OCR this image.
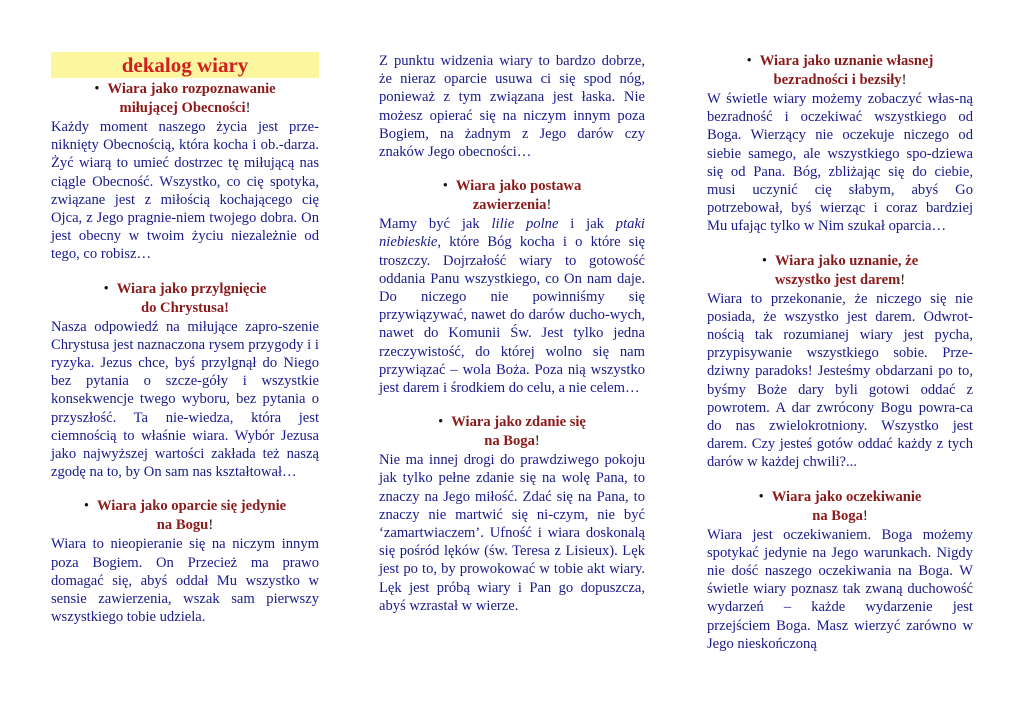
dekalog wiary
• Wiara jako rozpoznawanie
miłującej Obecności!
Każdy moment naszego życia jest prze-niknięty Obecnością, która kocha i ob.-darza. Żyć wiarą to umieć dostrzec tę miłującą nas ciągle Obecność. Wszystko, co cię spotyka, związane jest z miłością kochającego cię Ojca, z Jego pragnie-niem twojego dobra. On jest obecny w twoim życiu niezależnie od tego, co robisz…
• Wiara jako przylgnięcie
do Chrystusa!
Nasza odpowiedź na miłujące zapro-szenie Chrystusa jest naznaczona rysem przygody i i ryzyka. Jezus chce, byś przylgnął do Niego bez pytania o szcze-góły i wszystkie konsekwencje twego wyboru, bez pytania o przyszłość. Ta nie-wiedza, która jest ciemnością to właśnie wiara. Wybór Jezusa jako najwyższej wartości zakłada też naszą zgodę na to, by On sam nas kształtował…
• Wiara jako oparcie się jedynie
na Bogu!
Wiara to nieopieranie się na niczym innym poza Bogiem. On Przecież ma prawo domagać się, abyś oddał Mu wszystko w sensie zawierzenia, wszak sam pierwszy wszystkiego tobie udziela.
Z punktu widzenia wiary to bardzo dobrze, że nieraz oparcie usuwa ci się spod nóg, ponieważ z tym związana jest łaska. Nie możesz opierać się na niczym innym poza Bogiem, na żadnym z Jego darów czy znaków Jego obecności…
• Wiara jako postawa
zawierzenia!
Mamy być jak lilie polne i jak ptaki niebieskie, które Bóg kocha i o które się troszczy. Dojrzałość wiary to gotowość oddania Panu wszystkiego, co On nam daje. Do niczego nie powinniśmy się przywiązywać, nawet do darów ducho-wych, nawet do Komunii Św. Jest tylko jedna rzeczywistość, do której wolno się nam przywiązać – wola Boża. Poza nią wszystko jest darem i środkiem do celu, a nie celem…
• Wiara jako zdanie się
na Boga!
Nie ma innej drogi do prawdziwego pokoju jak tylko pełne zdanie się na wolę Pana, to znaczy na Jego miłość. Zdać się na Pana, to znaczy nie martwić się ni-czym, nie być ‘zamartwiaczem’. Ufność i wiara doskonalą się pośród lęków (św. Teresa z Lisieux). Lęk jest po to, by prowokować w tobie akt wiary. Lęk jest próbą wiary i Pan go dopuszcza, abyś wzrastał w wierze.
• Wiara jako uznanie własnej
bezradności i bezsiły!
W świetle wiary możemy zobaczyć włas-ną bezradność i oczekiwać wszystkiego od Boga. Wierzący nie oczekuje niczego od siebie samego, ale wszystkiego spo-dziewa się od Pana. Bóg, zbliżając się do ciebie, musi uczynić cię słabym, abyś Go potrzebował, byś wierząc i coraz bardziej Mu ufając tylko w Nim szukał oparcia…
• Wiara jako uznanie, że
wszystko jest darem!
Wiara to przekonanie, że niczego się nie posiada, że wszystko jest darem. Odwrot-nością tak rozumianej wiary jest pycha, przypisywanie wszystkiego sobie. Prze-dziwny paradoks! Jesteśmy obdarzani po to, byśmy Boże dary byli gotowi oddać z powrotem. A dar zwrócony Bogu powra-ca do nas zwielokrotniony. Wszystko jest darem. Czy jesteś gotów oddać każdy z tych darów w każdej chwili?...
• Wiara jako oczekiwanie
na Boga!
Wiara jest oczekiwaniem. Boga możemy spotykać jedynie na Jego warunkach. Nigdy nie dość naszego oczekiwania na Boga. W świetle wiary poznasz tak zwaną duchowość wydarzeń – każde wydarzenie jest przejściem Boga. Masz wierzyć zarówno w Jego nieskończoną
